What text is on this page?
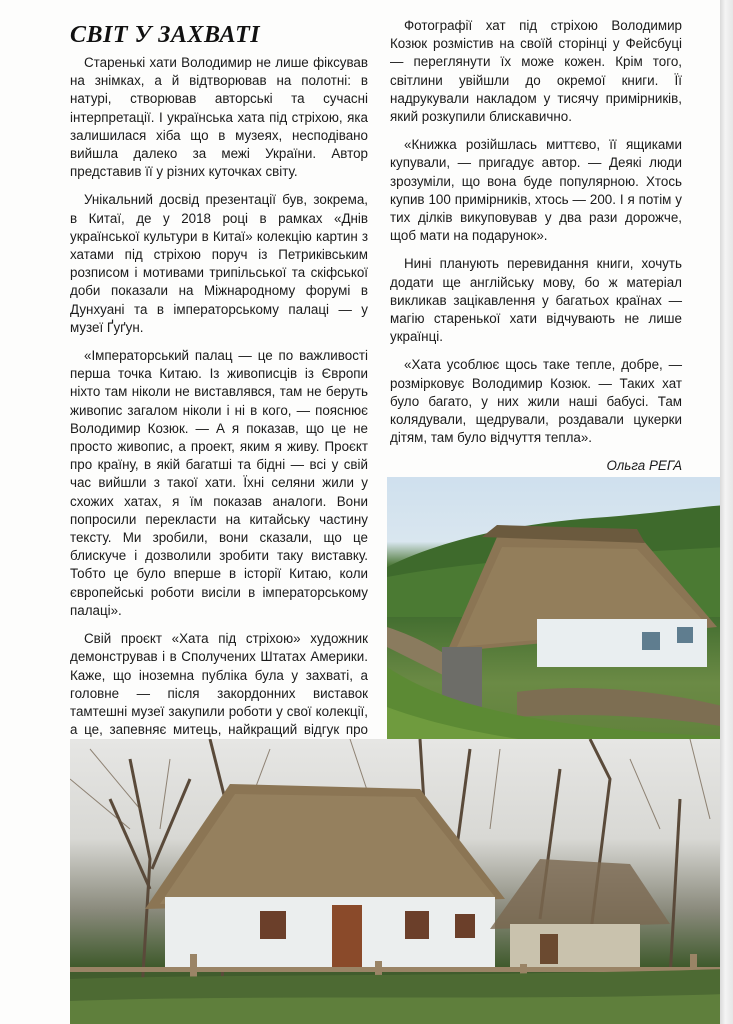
СВІТ У ЗАХВАТІ

Старенькі хати Володимир не лише фіксував на знімках, а й відтворював на полотні: в натурі, створював авторські та сучасні інтерпретації. І українська хата під стріхою, яка залишилася хіба що в музеях, несподівано вийшла далеко за межі України. Автор представив її у різних куточках світу.

Унікальний досвід презентації був, зокрема, в Китаї, де у 2018 році в рамках «Днів української культури в Китаї» колекцію картин з хатами під стріхою поруч із Петриківським розписом і мотивами трипільської та скіфської доби показали на Міжнародному форумі в Дунхуані та в імператорському палаці — у музеї Ґуґун.

«Імператорський палац — це по важливості перша точка Китаю. Із живописців із Європи ніхто там ніколи не виставлявся, там не беруть живопис загалом ніколи і ні в кого, — пояснює Володимир Козюк. — А я показав, що це не просто живопис, а проект, яким я живу. Проєкт про країну, в якій багатші та бідні — всі у свій час вийшли з такої хати. Їхні селяни жили у схожих хатах, я їм показав аналоги. Вони попросили перекласти на китайську частину тексту. Ми зробили, вони сказали, що це блискуче і дозволили зробити таку виставку. Тобто це було вперше в історії Китаю, коли європейські роботи висіли в імператорському палаці».

Свій проєкт «Хата під стріхою» художник демонстрував і в Сполучених Штатах Америки. Каже, що іноземна публіка була у захваті, а головне — після закордонних виставок тамтешні музеї закупили роботи у свої колекції, а це, запевняє митець, найкращий відгук про

Фотографії хат під стріхою Володимир Козюк розмістив на своїй сторінці у Фейсбуці — переглянути їх може кожен. Крім того, світлини увійшли до окремої книги. Її надрукували накладом у тисячу примірників, який розкупили блискавично.

«Книжка розійшлась миттєво, її ящиками купували, — пригадує автор. — Деякі люди зрозуміли, що вона буде популярною. Хтось купив 100 примірників, хтось — 200. І я потім у тих ділків викуповував у два рази дорожче, щоб мати на подарунок».

Нині планують перевидання книги, хочуть додати ще англійську мову, бо ж матеріал викликав зацікавлення у багатьох країнах — магію старенької хати відчувають не лише українці.

«Хата усоблює щось таке тепле, добре, — розмірковує Володимир Козюк. — Таких хат було багато, у них жили наші бабусі. Там колядували, щедрували, роздавали цукерки дітям, там було відчуття тепла».

Ольга РЕГА
